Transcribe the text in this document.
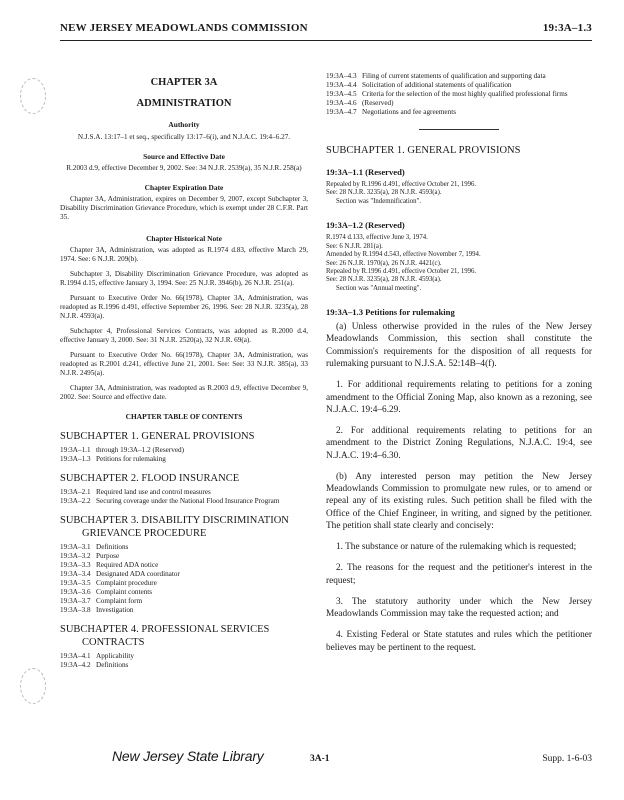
NEW JERSEY MEADOWLANDS COMMISSION	19:3A–1.3
CHAPTER 3A
ADMINISTRATION
Authority

N.J.S.A. 13:17–1 et seq., specifically 13:17–6(i), and N.J.A.C. 19:4–6.27.

Source and Effective Date

R.2003 d.9, effective December 9, 2002. See: 34 N.J.R. 2539(a), 35 N.J.R. 258(a)

Chapter Expiration Date

Chapter 3A, Administration, expires on December 9, 2007, except Subchapter 3, Disability Discrimination Grievance Procedure, which is exempt under 28 C.F.R. Part 35.

Chapter Historical Note

Chapter 3A, Administration, was adopted as R.1974 d.83, effective March 29, 1974. See: 6 N.J.R. 209(b).

Subchapter 3, Disability Discrimination Grievance Procedure, was adopted as R.1994 d.15, effective January 3, 1994. See: 25 N.J.R. 3946(b), 26 N.J.R. 251(a).

Pursuant to Executive Order No. 66(1978), Chapter 3A, Administration, was readopted as R.1996 d.491, effective September 26, 1996. See: 28 N.J.R. 3235(a), 28 N.J.R. 4593(a).

Subchapter 4, Professional Services Contracts, was adopted as R.2000 d.4, effective January 3, 2000. See: 31 N.J.R. 2520(a), 32 N.J.R. 69(a).

Pursuant to Executive Order No. 66(1978), Chapter 3A, Administration, was readopted as R.2001 d.241, effective June 21, 2001. See: See: 33 N.J.R. 385(a), 33 N.J.R. 2495(a).

Chapter 3A, Administration, was readopted as R.2003 d.9, effective December 9, 2002. See: Source and effective date.

CHAPTER TABLE OF CONTENTS
SUBCHAPTER 1. GENERAL PROVISIONS
19:3A–1.1 through 19:3A–1.2 (Reserved)
19:3A–1.3 Petitions for rulemaking
SUBCHAPTER 2. FLOOD INSURANCE
19:3A–2.1 Required land use and control measures
19:3A–2.2 Securing coverage under the National Flood Insurance Program
SUBCHAPTER 3. DISABILITY DISCRIMINATION
GRIEVANCE PROCEDURE
19:3A–3.1 Definitions
19:3A–3.2 Purpose
19:3A–3.3 Required ADA notice
19:3A–3.4 Designated ADA coordinator
19:3A–3.5 Complaint procedure
19:3A–3.6 Complaint contents
19:3A–3.7 Complaint form
19:3A–3.8 Investigation
SUBCHAPTER 4. PROFESSIONAL SERVICES
CONTRACTS
19:3A–4.1 Applicability
19:3A–4.2 Definitions
19:3A–4.3 Filing of current statements of qualification and supporting data
19:3A–4.4 Solicitation of additional statements of qualification
19:3A–4.5 Criteria for the selection of the most highly qualified professional firms
19:3A–4.6 (Reserved)
19:3A–4.7 Negotiations and fee agreements
SUBCHAPTER 1. GENERAL PROVISIONS
19:3A–1.1 (Reserved)
Repealed by R.1996 d.491, effective October 21, 1996.
See: 28 N.J.R. 3235(a), 28 N.J.R. 4593(a).
Section was "Indemnification".
19:3A–1.2 (Reserved)
R.1974 d.133, effective June 3, 1974.
See: 6 N.J.R. 281(a).
Amended by R.1994 d.543, effective November 7, 1994.
See: 26 N.J.R. 1970(a), 26 N.J.R. 4421(c).
Repealed by R.1996 d.491, effective October 21, 1996.
See: 28 N.J.R. 3235(a), 28 N.J.R. 4593(a).
Section was "Annual meeting".
19:3A–1.3 Petitions for rulemaking

(a) Unless otherwise provided in the rules of the New Jersey Meadowlands Commission, this section shall constitute the Commission's requirements for the disposition of all requests for rulemaking pursuant to N.J.S.A. 52:14B–4(f).

1. For additional requirements relating to petitions for a zoning amendment to the Official Zoning Map, also known as a rezoning, see N.J.A.C. 19:4–6.29.

2. For additional requirements relating to petitions for an amendment to the District Zoning Regulations, N.J.A.C. 19:4, see N.J.A.C. 19:4–6.30.

(b) Any interested person may petition the New Jersey Meadowlands Commission to promulgate new rules, or to amend or repeal any of its existing rules. Such petition shall be filed with the Office of the Chief Engineer, in writing, and signed by the petitioner. The petition shall state clearly and concisely:

1. The substance or nature of the rulemaking which is requested;

2. The reasons for the request and the petitioner's interest in the request;

3. The statutory authority under which the New Jersey Meadowlands Commission may take the requested action; and

4. Existing Federal or State statutes and rules which the petitioner believes may be pertinent to the request.

New Jersey State Library	3A-1	Supp. 1-6-03
